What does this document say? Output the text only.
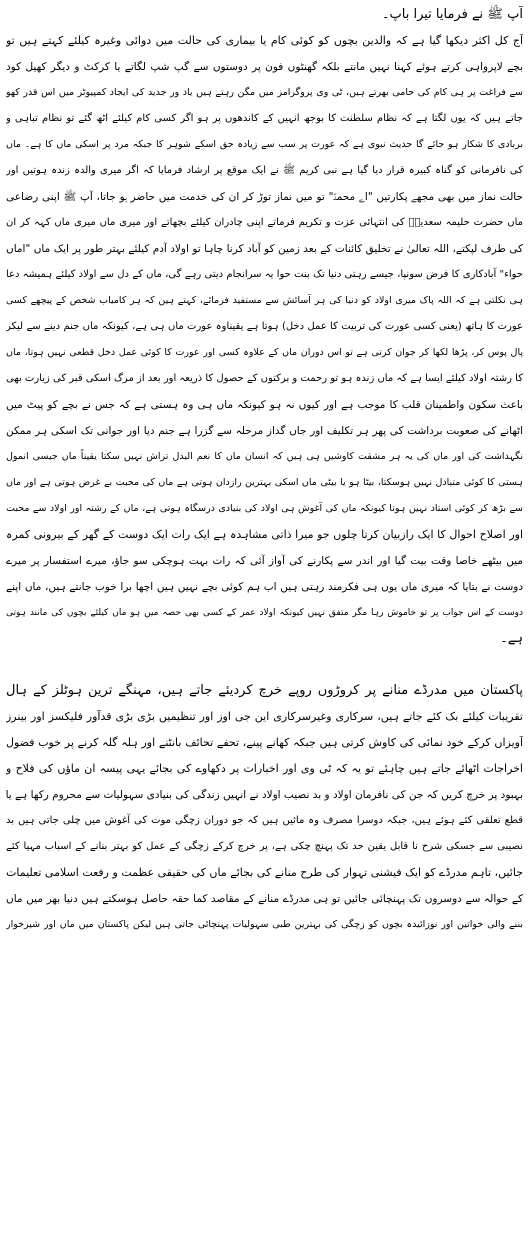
آپ ﷺ نے فرمایا تیرا باپ۔
آج کل اکثر دیکھا گیا ہے کہ والدین بچوں کو کوئی کام یا بیماری کی حالت میں دوائی وغیرہ کیلئے کہتے ہیں تو
بچے لاپرواہی کرتے ہوئے کہنا نہیں مانتے بلکہ گھنٹوں فون پر دوستوں سے گپ شپ لگاتے یا کرکٹ و دیگر کھیل کود
سے فراغت پر ہی کام کی حامی بھرتے ہیں، ٹی وی پروگرامز میں مگن رہتے ہیں یاد ور جدید کی ایجاد کمپیوٹر میں اس قدر کھو
جاتے ہیں کہ یوں لگتا ہے کہ نظام سلطنت کا بوجھ انہیں کے کاندھوں پر ہو اگر کسی کام کیلئے اٹھ گئے تو نظام تباہی و
بربادی کا شکار ہو جائے گا حدیث نبوی ہے کہ عورت پر سب سے زیادہ حق اسکے شوہر کا جبکہ مرد پر اسکی ماں کا ہے۔ ماں
کی نافرمانی کو گناہ کبیرہ قرار دیا گیا ہے نبی کریم ﷺ نے ایک موقع پر ارشاد فرمایا کہ اگر میری والدہ زندہ ہوتیں اور
حالت نماز میں بھی مجھے پکارتیں "اے محمدؐ" تو میں نماز توڑ کر ان کی خدمت میں حاضر ہو جاتا، آپ ﷺ اپنی رضاعی
ماں حضرت حلیمہ سعدیہؓ کی انتہائی عزت و تکریم فرماتے اپنی چادران کیلئے بچھاتے اور میری ماں میری ماں کہہ کر ان
کی طرف لپکتے، اللہ تعالیٰ نے تخلیق کائنات کے بعد زمین کو آباد کرنا چاہا تو اولاد آدم کیلئے بہتر طور پر ایک ماں "اماں
حواء" آبادکاری کا فرض سونپا، جیسے رہتی دنیا تک بنت حوا یہ سرانجام دیتی رہے گی، ماں کے دل سے اولاد کیلئے ہمیشہ دعا
ہی نکلتی ہے کہ اللہ پاک میری اولاد کو دنیا کی ہر آسائش سے مستفید فرمائے، کہتے ہیں کہ ہر کامیاب شخص کے پیچھے کسی
عورت کا ہاتھ (یعنی کسی عورت کی تربیت کا عمل دخل) ہوتا ہے یقیناوہ عورت ماں ہی ہے، کیونکہ ماں جنم دینے سے لیکر
پال پوس کر، پڑھا لکھا کر جوان کرتی ہے تو اس دوران ماں کے علاوہ کسی اور عورت کا کوئی عمل دخل قطعی نہیں ہوتا، ماں
کا رشتہ اولاد کیلئے ایسا ہے کہ ماں زندہ ہو تو رحمت و برکتوں کے حصول کا ذریعہ اور بعد از مرگ اسکی قبر کی زیارت بھی
باعث سکون واطمینان قلب کا موجب ہے اور کیوں نہ ہو کیونکہ ماں ہی وہ ہستی ہے کہ جس نے بچے کو پیٹ میں
اٹھانے کی صعوبت برداشت کی پھر ہر تکلیف اور جاں گداز مرحلہ سے گزرا ہے جنم دیا اور جوانی تک اسکی ہر ممکن
نگہداشت کی اور ماں کی یہ ہر مشقت کاوشیں ہی ہیں کہ انسان ماں کا نعم البدل تراش نہیں سکتا یقیناً ماں جیسی انمول
ہستی کا کوئی متبادل نہیں ہوسکتا، بیٹا ہو یا بیٹی ماں اسکی بہترین رازدان ہوتی ہے ماں کی محبت بے غرض ہوتی ہے اور ماں
سے بڑھ کر کوئی استاد نہیں ہوتا کیونکہ ماں کی آغوش ہی اولاد کی بنیادی درسگاہ ہوتی ہے، ماں کے رشتہ اور اولاد سے محبت
اور اصلاح احوال کا ایک رازبیان کرتا چلوں جو میرا ذاتی مشاہدہ ہے ایک رات ایک دوست کے گھر کے بیرونی کمرہ
میں بیٹھے خاصا وقت بیت گیا اور اندر سے پکارنے کی آواز آئی کہ رات بہت ہوچکی سو جاؤ، میرے استفسار پر میرے
دوست نے بتایا کہ میری ماں یوں ہی فکرمند رہتی ہیں اب ہم کوئی بچے نہیں ہیں اچھا برا خوب جانتے ہیں، ماں اپنے
دوست کے اس جواب پر تو خاموش رہا مگر متفق نہیں کیونکہ اولاد عمر کے کسی بھی حصہ میں ہو ماں کیلئے بچوں کی مانند ہوتی
ہے۔
پاکستان میں مدرڈے منانے پر کروڑوں روپے خرچ کردیئے جاتے ہیں، مہنگے ترین ہوٹلز کے ہال
تقریبات کیلئے بک کئے جاتے ہیں، سرکاری وغیرسرکاری این جی اوز اور تنظیمیں بڑی بڑی قدآور فلیکسز اور بینرز
آویزاں کرکے خود نمائی کی کاوش کرتی ہیں جبکہ کھانے پینے، تحفے تحائف بانٹنے اور ہلہ گلہ کرنے پر خوب فضول
اخراجات اٹھائے جاتے ہیں چاہئے تو یہ کہ ٹی وی اور اخبارات پر دکھاوے کی بجائے یہی پیسہ ان ماؤں کی فلاح و
بہبود پر خرچ کریں کہ جن کی نافرمان اولاد و بد نصیب اولاد نے انہیں زندگی کی بنیادی سہولیات سے محروم رکھا ہے یا
قطع تعلقی کئے ہوئے ہیں، جبکہ دوسرا مصرف وہ مائیں ہیں کہ جو دوران زچگی موت کی آغوش میں چلی جاتی ہیں بد
نصیبی سے جسکی شرح نا قابل یقین حد تک پہنچ چکی ہے، پر خرچ کرکے زچگی کے عمل کو بہتر بنانے کے اسباب مہیا کئے
جائیں، تاہم مدرڈے کو ایک فیشنی تہوار کی طرح منانے کی بجائے ماں کی حقیقی عظمت و رفعت اسلامی تعلیمات
کے حوالہ سے دوسروں تک پہنچائی جائیں تو ہی مدرڈے منانے کے مقاصد کما حقہ حاصل ہوسکتے ہیں دنیا بھر میں ماں
بننے والی خواتین اور نوزائیدہ بچوں کو زچگی کی بہترین طبی سہولیات پہنچائی جاتی ہیں لیکن پاکستان میں ماں اور شیرخوار
